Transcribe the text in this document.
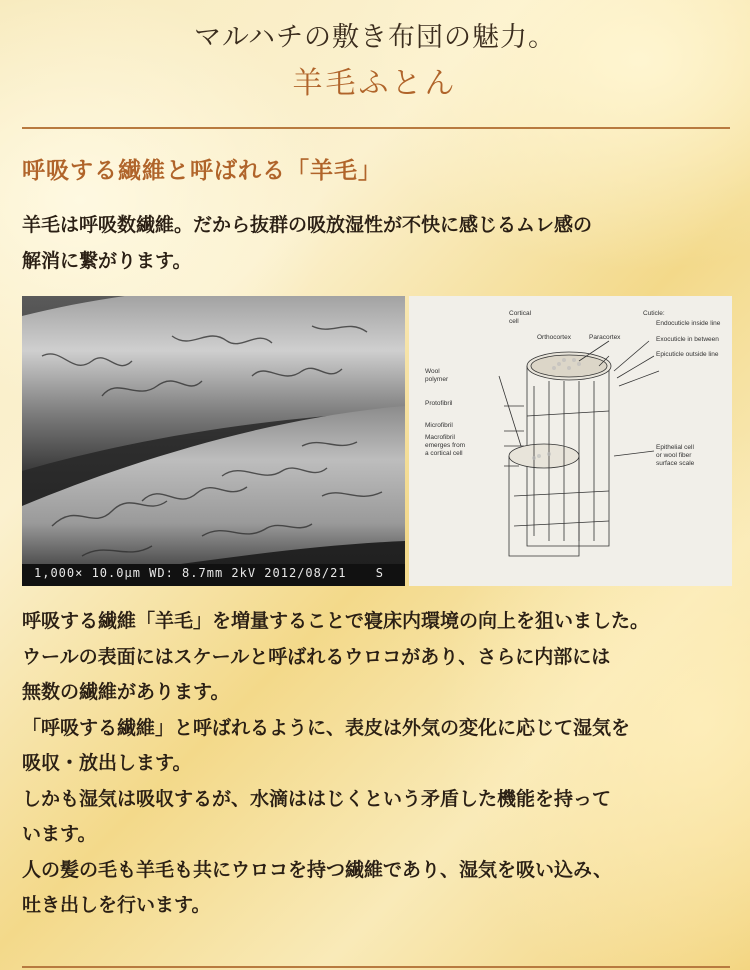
マルハチの敷き布団の魅力。
羊毛ふとん
呼吸する繊維と呼ばれる「羊毛」

羊毛は呼吸数繊維。だから抜群の吸放湿性が不快に感じるムレ感の

解消に繋がります。

1,000× 10.0μm WD: 8.7mm 2kV 2012/08/21 S
Cortical
cell
Cuticle:
Orthocortex	Paracortex
Endocuticle inside line
Exocuticle in between
Epicuticle outside line
Wool
polymer
Protofibril
Microfibril
Macrofibril
emerges from
a cortical cell
Epithelial cell
or wool fiber
surface scale

呼吸する繊維「羊毛」を増量することで寝床内環境の向上を狙いました。

ウールの表面にはスケールと呼ばれるウロコがあり、さらに内部には

無数の繊維があります。

「呼吸する繊維」と呼ばれるように、表皮は外気の変化に応じて湿気を

吸収・放出します。

しかも湿気は吸収するが、水滴ははじくという矛盾した機能を持って

います。

人の髪の毛も羊毛も共にウロコを持つ繊維であり、湿気を吸い込み、

吐き出しを行います。
